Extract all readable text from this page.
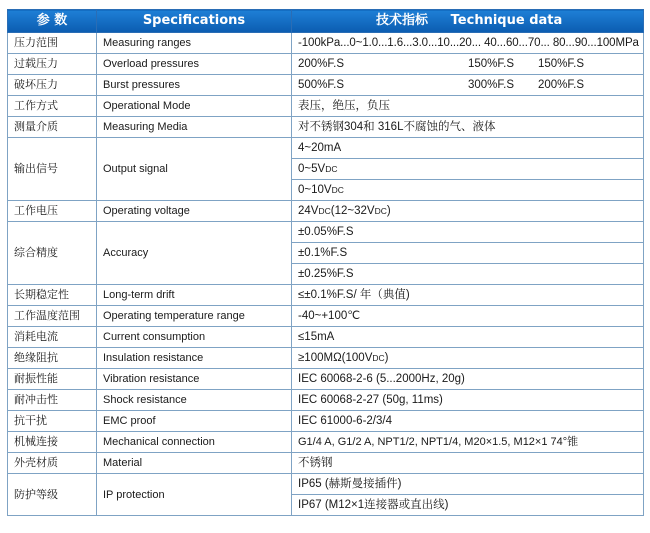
参 数	Specifications	技术指标 Technique data
压力范围	Measuring ranges	-100kPa...0~1.0...1.6...3.0...10...20... 40...60...70... 80...90...100MPa
过载压力	Overload pressures	200%F.S 150%F.S 150%F.S
破坏压力	Burst pressures	500%F.S 300%F.S 200%F.S
工作方式	Operational Mode	表压，绝压，负压
测量介质	Measuring Media	对不锈钢304和 316L不腐蚀的气、液体
输出信号	Output signal	4~20mA
		0~5VDC
		0~10VDC
工作电压	Operating voltage	24VDC(12~32VDC)
综合精度	Accuracy	±0.05%F.S
		±0.1%F.S
		±0.25%F.S
长期稳定性	Long-term drift	≤±0.1%F.S/ 年（典值)
工作温度范围	Operating temperature range	-40~+100℃
消耗电流	Current consumption	≤15mA
绝缘阻抗	Insulation resistance	≥100MΩ(100VDC)
耐振性能	Vibration resistance	IEC 60068-2-6 (5...2000Hz, 20g)
耐冲击性	Shock resistance	IEC 60068-2-27 (50g, 11ms)
抗干扰	EMC proof	IEC 61000-6-2/3/4
机械连接	Mechanical connection	G1/4 A, G1/2 A, NPT1/2, NPT1/4, M20×1.5, M12×1 74°锥
外壳材质	Material	不锈钢
防护等级	IP protection	IP65 (赫斯曼接插件)
		IP67 (M12×1连接器或直出线)
